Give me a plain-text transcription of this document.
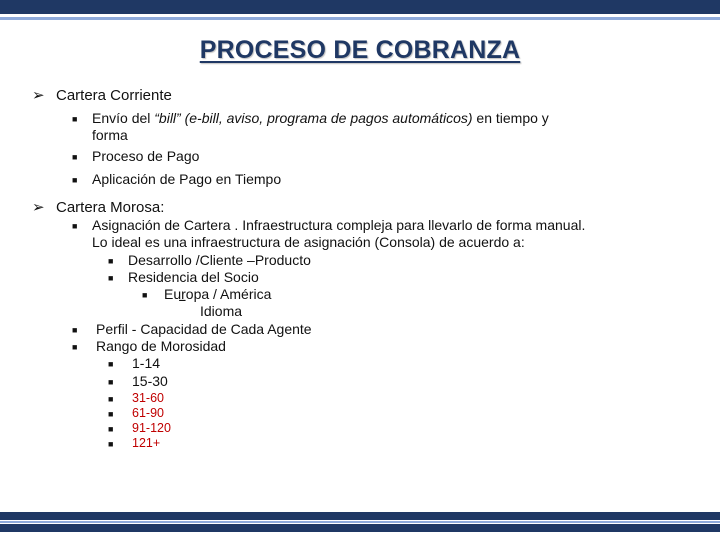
PROCESO DE COBRANZA
➢ Cartera Corriente
■ Envío del “bill” (e-bill, aviso, programa de pagos automáticos) en tiempo y
forma
■ Proceso de Pago
■ Aplicación de Pago en Tiempo
➢ Cartera Morosa:
■ Asignación de Cartera . Infraestructura compleja para llevarlo de forma manual.
Lo ideal es una infraestructura de asignación (Consola) de acuerdo a:
■ Desarrollo /Cliente –Producto
■ Residencia del Socio
■ Europa / América
‾ Idioma
■ Perfil - Capacidad de Cada Agente
■ Rango de Morosidad
■ 1-14
■ 15-30
■ 31-60
■ 61-90
■ 91-120
■ 121+
